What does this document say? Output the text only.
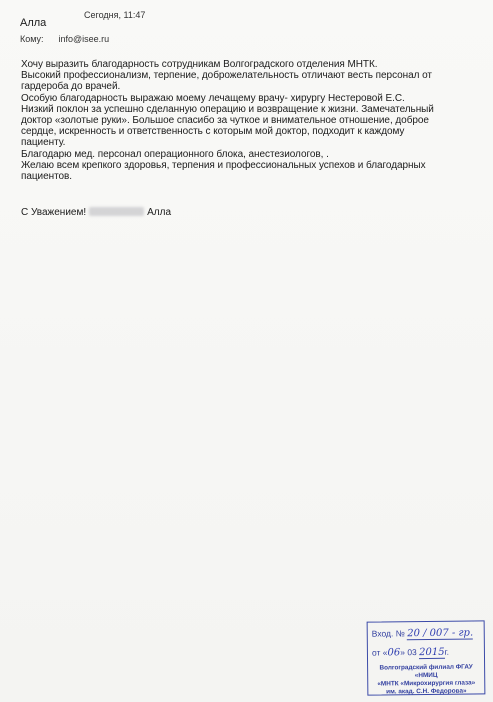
Сегодня, 11:47
Алла
Кому: info@isee.ru

Хочу выразить благодарность сотрудникам Волгоградского отделения МНТК.

Высокий профессионализм, терпение, доброжелательность отличают весть персонал от

гардероба до врачей.

Особую благодарность выражаю моему лечащему врачу- хирургу Нестеровой Е.С.

Низкий поклон за успешно сделанную операцию и возвращение к жизни. Замечательный

доктор «золотые руки». Большое спасибо за чуткое и внимательное отношение, доброе

сердце, искренность и ответственность с которым мой доктор, подходит к каждому

пациенту.

Благодарю мед. персонал операционного блока, анестезиологов, .

Желаю всем крепкого здоровья, терпения и профессиональных успехов и благодарных

пациентов.

С Уважением!	Алла
Вход. № 20 / 007 - гр.
от «06» 03 2015г.
Волгоградский филиал ФГАУ «НМИЦ
«МНТК «Микрохирургия глаза»
им. акад. С.Н. Федорова»
